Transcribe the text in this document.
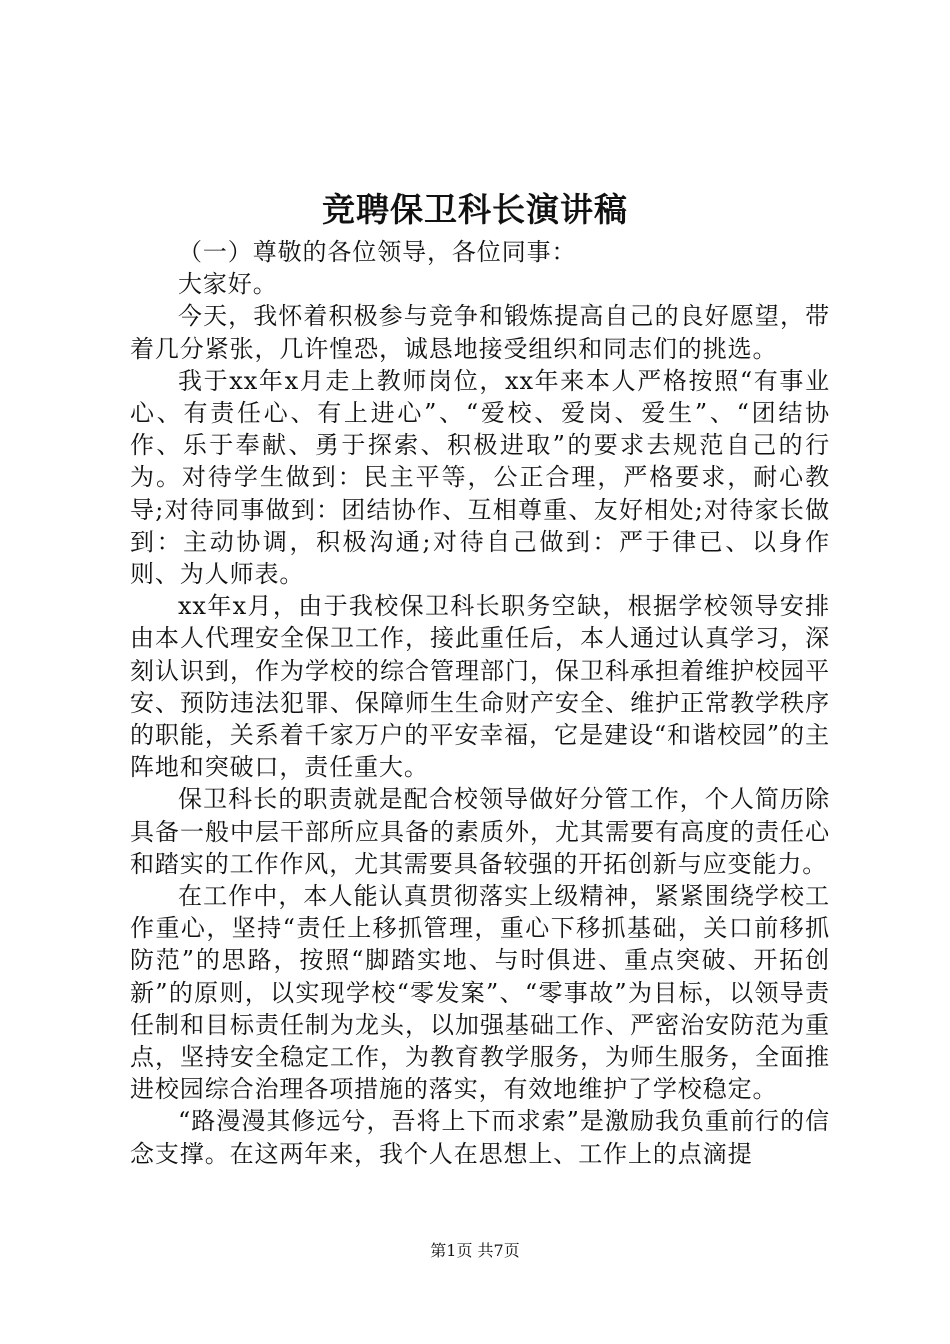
竞聘保卫科长演讲稿

（一）尊敬的各位领导，各位同事：

大家好。

今天，我怀着积极参与竞争和锻炼提高自己的良好愿望，带着几分紧张，几许惶恐，诚恳地接受组织和同志们的挑选。

我于xx年x月走上教师岗位，xx年来本人严格按照“有事业心、有责任心、有上进心”、“爱校、爱岗、爱生”、“团结协作、乐于奉献、勇于探索、积极进取”的要求去规范自己的行为。对待学生做到：民主平等，公正合理，严格要求，耐心教导;对待同事做到：团结协作、互相尊重、友好相处;对待家长做到：主动协调，积极沟通;对待自己做到：严于律已、以身作则、为人师表。

xx年x月，由于我校保卫科长职务空缺，根据学校领导安排由本人代理安全保卫工作，接此重任后，本人通过认真学习，深刻认识到，作为学校的综合管理部门，保卫科承担着维护校园平安、预防违法犯罪、保障师生生命财产安全、维护正常教学秩序的职能，关系着千家万户的平安幸福，它是建设“和谐校园”的主阵地和突破口，责任重大。

保卫科长的职责就是配合校领导做好分管工作，个人简历除具备一般中层干部所应具备的素质外，尤其需要有高度的责任心和踏实的工作作风，尤其需要具备较强的开拓创新与应变能力。

在工作中，本人能认真贯彻落实上级精神，紧紧围绕学校工作重心，坚持“责任上移抓管理，重心下移抓基础，关口前移抓防范”的思路，按照“脚踏实地、与时俱进、重点突破、开拓创新”的原则，以实现学校“零发案”、“零事故”为目标，以领导责任制和目标责任制为龙头，以加强基础工作、严密治安防范为重点，坚持安全稳定工作，为教育教学服务，为师生服务，全面推进校园综合治理各项措施的落实，有效地维护了学校稳定。

“路漫漫其修远兮，吾将上下而求索”是激励我负重前行的信念支撑。在这两年来，我个人在思想上、工作上的点滴提

第1页 共7页
